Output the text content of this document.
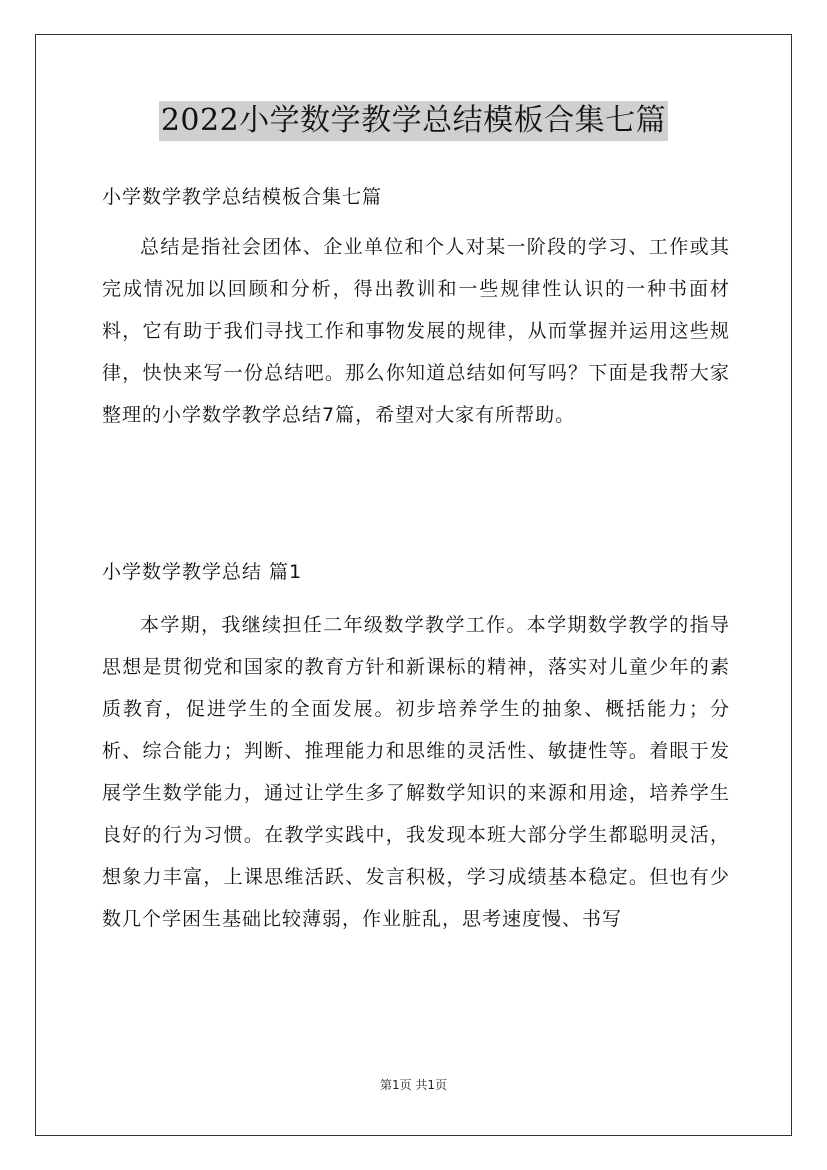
2022小学数学教学总结模板合集七篇
小学数学教学总结模板合集七篇
总结是指社会团体、企业单位和个人对某一阶段的学习、工作或其完成情况加以回顾和分析，得出教训和一些规律性认识的一种书面材料，它有助于我们寻找工作和事物发展的规律，从而掌握并运用这些规律，快快来写一份总结吧。那么你知道总结如何写吗？下面是我帮大家整理的小学数学教学总结7篇，希望对大家有所帮助。
小学数学教学总结 篇1
本学期，我继续担任二年级数学教学工作。本学期数学教学的指导思想是贯彻党和国家的教育方针和新课标的精神，落实对儿童少年的素质教育，促进学生的全面发展。初步培养学生的抽象、概括能力；分析、综合能力；判断、推理能力和思维的灵活性、敏捷性等。着眼于发展学生数学能力，通过让学生多了解数学知识的来源和用途，培养学生良好的行为习惯。在教学实践中，我发现本班大部分学生都聪明灵活，想象力丰富，上课思维活跃、发言积极，学习成绩基本稳定。但也有少数几个学困生基础比较薄弱，作业脏乱，思考速度慢、书写
第1页 共1页
